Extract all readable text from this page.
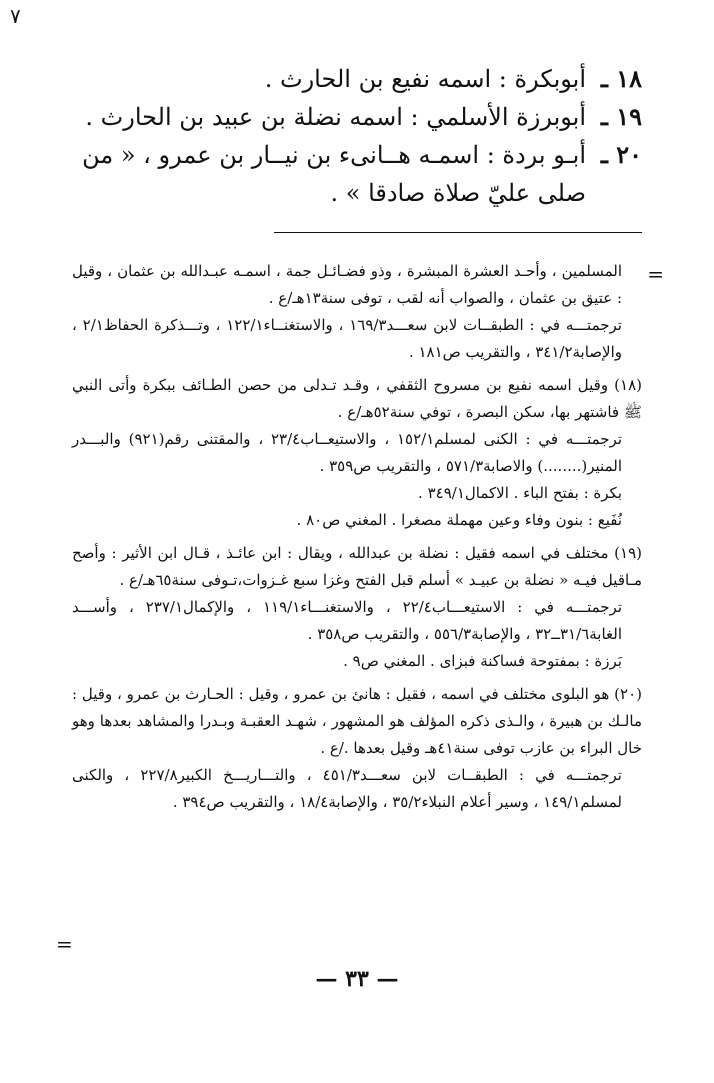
٧
١٨ ـ
أبوبكرة : اسمه نفيع بن الحارث .
١٩ ـ
أبوبرزة الأسلمي : اسمه نضلة بن عبيد بن الحارث .
٢٠ ـ
أبـو بردة : اسمـه هــانىء بن نيــار بن عمرو ، « من صلى عليّ صلاة صادقا » .
=

المسلمين ، وأحـد العشرة المبشرة ، وذو فضـائـل جمة ، اسمـه عبـدالله بن عثمان ، وقيل : عتيق بن عثمان ، والصواب أنه لقب ، توفى سنة١٣هـ/ع .

ترجمتـــه في : الطبقــات لابن سعـــد١٦٩/٣ ، والاستغنــاء١٢٢/١ ، وتـــذكرة الحفاظ٢/١ ، والإصابة٣٤١/٢ ، والتقريب ص١٨١ .

(١٨) وقيل اسمه نفيع بن مسروح الثقفي ، وقـد تـدلى من حصن الطـائف ببكرة وأتى النبي ﷺ فاشتهر بها، سكن البصرة ، توفي سنة٥٢هـ/ع .

ترجمتـــه في : الكنى لمسلم١٥٢/١ ، والاستيعــاب٢٣/٤ ، والمقتنى رقم(٩٢١) والبـــدر المنير(........) والاصابة٥٧١/٣ ، والتقريب ص٣٥٩ .

بكرة : بفتح الباء . الاكمال٣٤٩/١ .

نُفَيع : بنون وفاء وعين مهملة مصغرا . المغني ص٨٠ .

(١٩) مختلف في اسمه فقيل : نضلة بن عبدالله ، ويقال : ابن عائـذ ، قـال ابن الأثير : وأصح مـاقيل فيـه « نضلة بن عبيـد » أسلم قبل الفتح وغزا سبع غـزوات،تـوفى سنة٦٥هـ/ع .

ترجمتـــه في : الاستيعـــاب٢٢/٤ ، والاستغنـــاء١١٩/١ ، والإكمال٢٣٧/١ ، وأســـد الغابة٣١/٦ــ٣٢ ، والإصابة٥٥٦/٣ ، والتقريب ص٣٥٨ .

بَرزة : بمفتوحة فساكنة فبزاى . المغني ص٩ .

(٢٠) هو البلوى مختلف في اسمه ، فقيل : هانئ بن عمرو ، وقيل : الحـارث بن عمرو ، وقيل : مالـك بن هبيرة ، والـذى ذكره المؤلف هو المشهور ، شهـد العقبـة وبـدرا والمشاهد بعدها وهو خال البراء بن عازب توفى سنة٤١هـ وقيل بعدها ./ع .

ترجمتـــه في : الطبقــات لابن سعـــد٤٥١/٣ ، والتـــاريـــخ الكبير٢٢٧/٨ ، والكنى لمسلم١٤٩/١ ، وسير أعلام النبلاء٣٥/٢ ، والإصابة١٨/٤ ، والتقريب ص٣٩٤ .

=
— ٣٣ —
